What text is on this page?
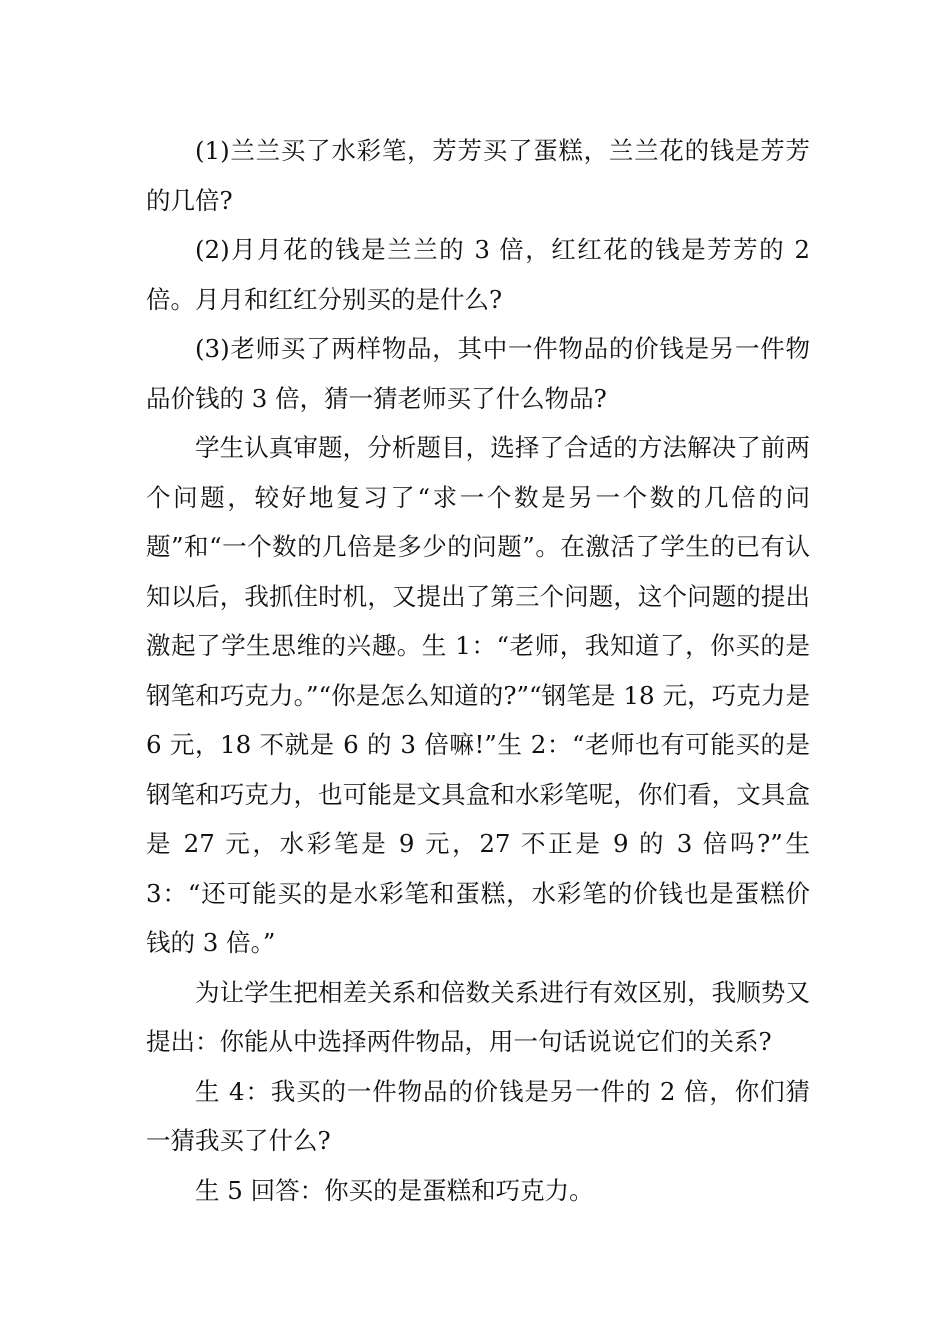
(1)兰兰买了水彩笔，芳芳买了蛋糕，兰兰花的钱是芳芳的几倍?

(2)月月花的钱是兰兰的 3 倍，红红花的钱是芳芳的 2 倍。月月和红红分别买的是什么?

(3)老师买了两样物品，其中一件物品的价钱是另一件物品价钱的 3 倍，猜一猜老师买了什么物品?

学生认真审题，分析题目，选择了合适的方法解决了前两个问题，较好地复习了“求一个数是另一个数的几倍的问题”和“一个数的几倍是多少的问题”。在激活了学生的已有认知以后，我抓住时机，又提出了第三个问题，这个问题的提出激起了学生思维的兴趣。生 1：“老师，我知道了，你买的是钢笔和巧克力。”“你是怎么知道的?”“钢笔是 18 元，巧克力是 6 元，18 不就是 6 的 3 倍嘛!”生 2：“老师也有可能买的是钢笔和巧克力，也可能是文具盒和水彩笔呢，你们看，文具盒是 27 元，水彩笔是 9 元，27 不正是 9 的 3 倍吗?”生 3：“还可能买的是水彩笔和蛋糕，水彩笔的价钱也是蛋糕价钱的 3 倍。”

为让学生把相差关系和倍数关系进行有效区别，我顺势又提出：你能从中选择两件物品，用一句话说说它们的关系?

生 4：我买的一件物品的价钱是另一件的 2 倍，你们猜一猜我买了什么?

生 5 回答：你买的是蛋糕和巧克力。
